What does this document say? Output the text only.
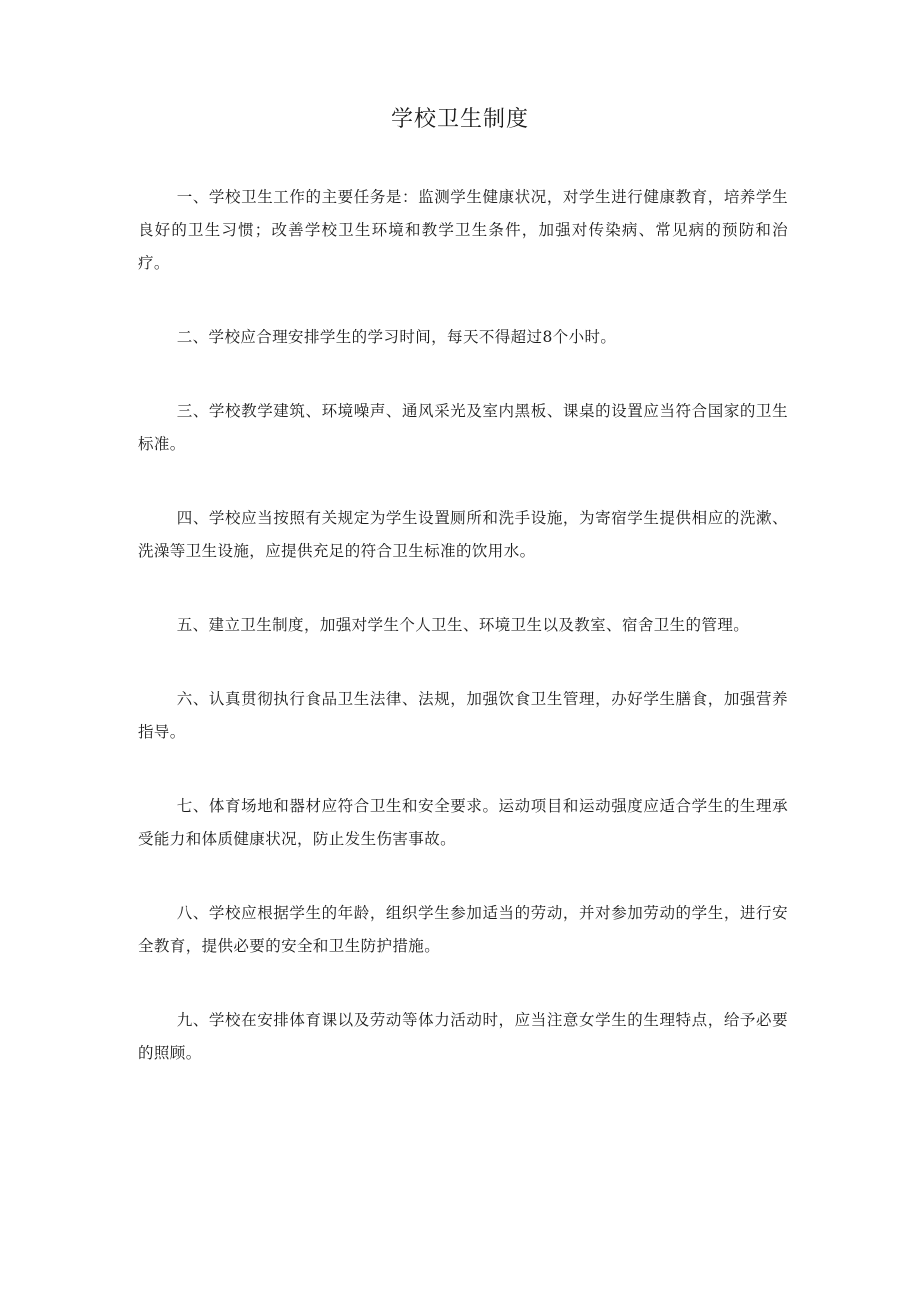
学校卫生制度

一、学校卫生工作的主要任务是：监测学生健康状况，对学生进行健康教育，培养学生良好的卫生习惯；改善学校卫生环境和教学卫生条件，加强对传染病、常见病的预防和治疗。

二、学校应合理安排学生的学习时间，每天不得超过8个小时。

三、学校教学建筑、环境噪声、通风采光及室内黑板、课桌的设置应当符合国家的卫生标准。

四、学校应当按照有关规定为学生设置厕所和洗手设施，为寄宿学生提供相应的洗漱、洗澡等卫生设施，应提供充足的符合卫生标准的饮用水。

五、建立卫生制度，加强对学生个人卫生、环境卫生以及教室、宿舍卫生的管理。

六、认真贯彻执行食品卫生法律、法规，加强饮食卫生管理，办好学生膳食，加强营养指导。

七、体育场地和器材应符合卫生和安全要求。运动项目和运动强度应适合学生的生理承受能力和体质健康状况，防止发生伤害事故。

八、学校应根据学生的年龄，组织学生参加适当的劳动，并对参加劳动的学生，进行安全教育，提供必要的安全和卫生防护措施。

九、学校在安排体育课以及劳动等体力活动时，应当注意女学生的生理特点，给予必要的照顾。
